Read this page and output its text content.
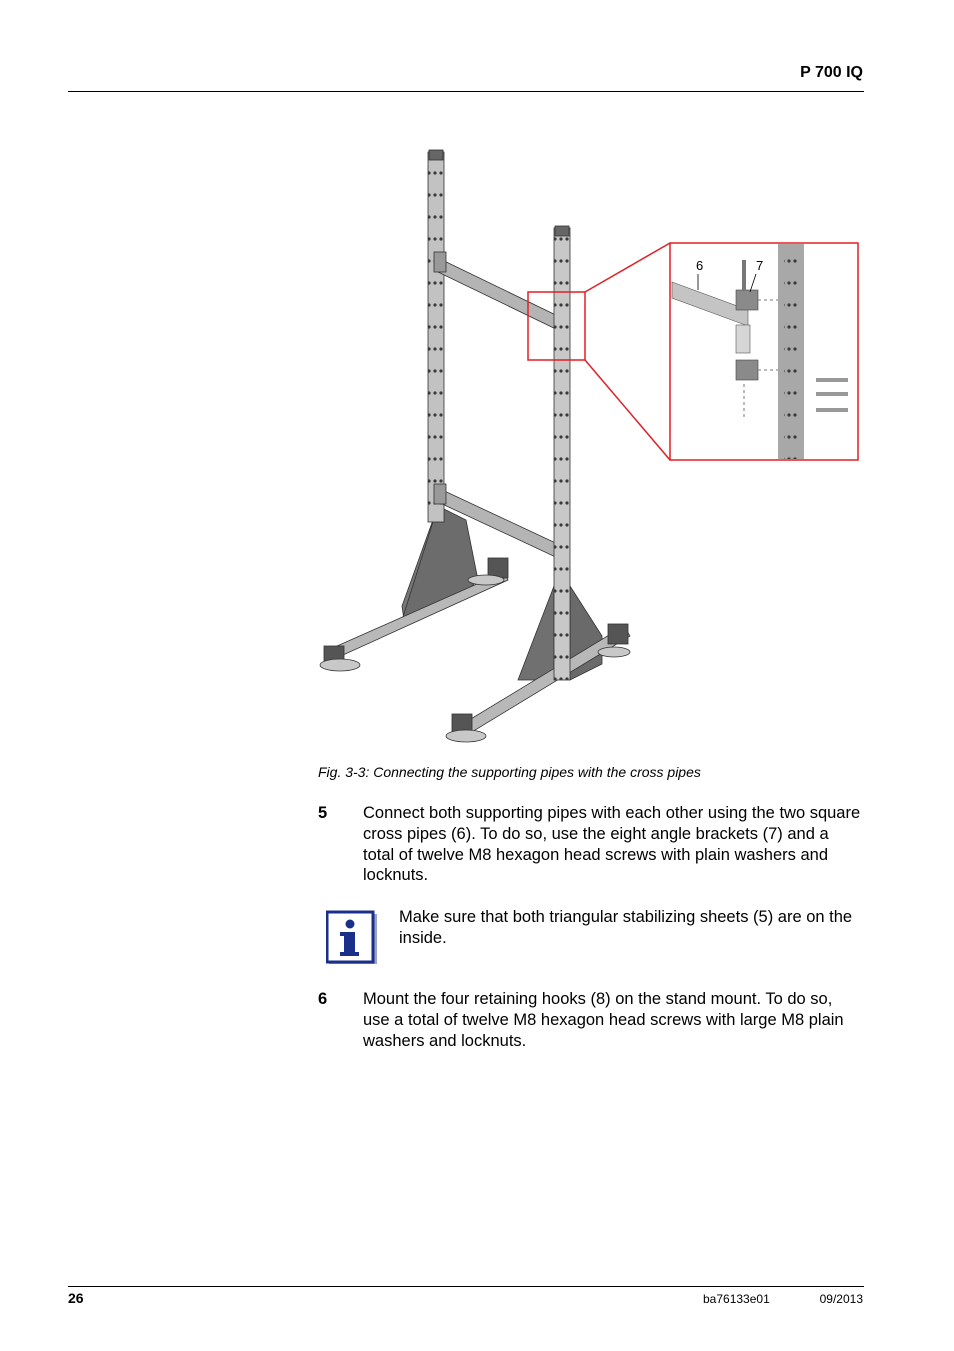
P 700 IQ
6	7
Fig. 3-3: Connecting the supporting pipes with the cross pipes
5 Connect both supporting pipes with each other using the two square cross pipes (6). To do so, use the eight angle brackets (7) and a total of twelve M8 hexagon head screws with plain washers and locknuts.
Make sure that both triangular stabilizing sheets (5) are on the inside.
6 Mount the four retaining hooks (8) on the stand mount. To do so, use a total of twelve M8 hexagon head screws with large M8 plain washers and locknuts.
26	ba76133e01	09/2013
